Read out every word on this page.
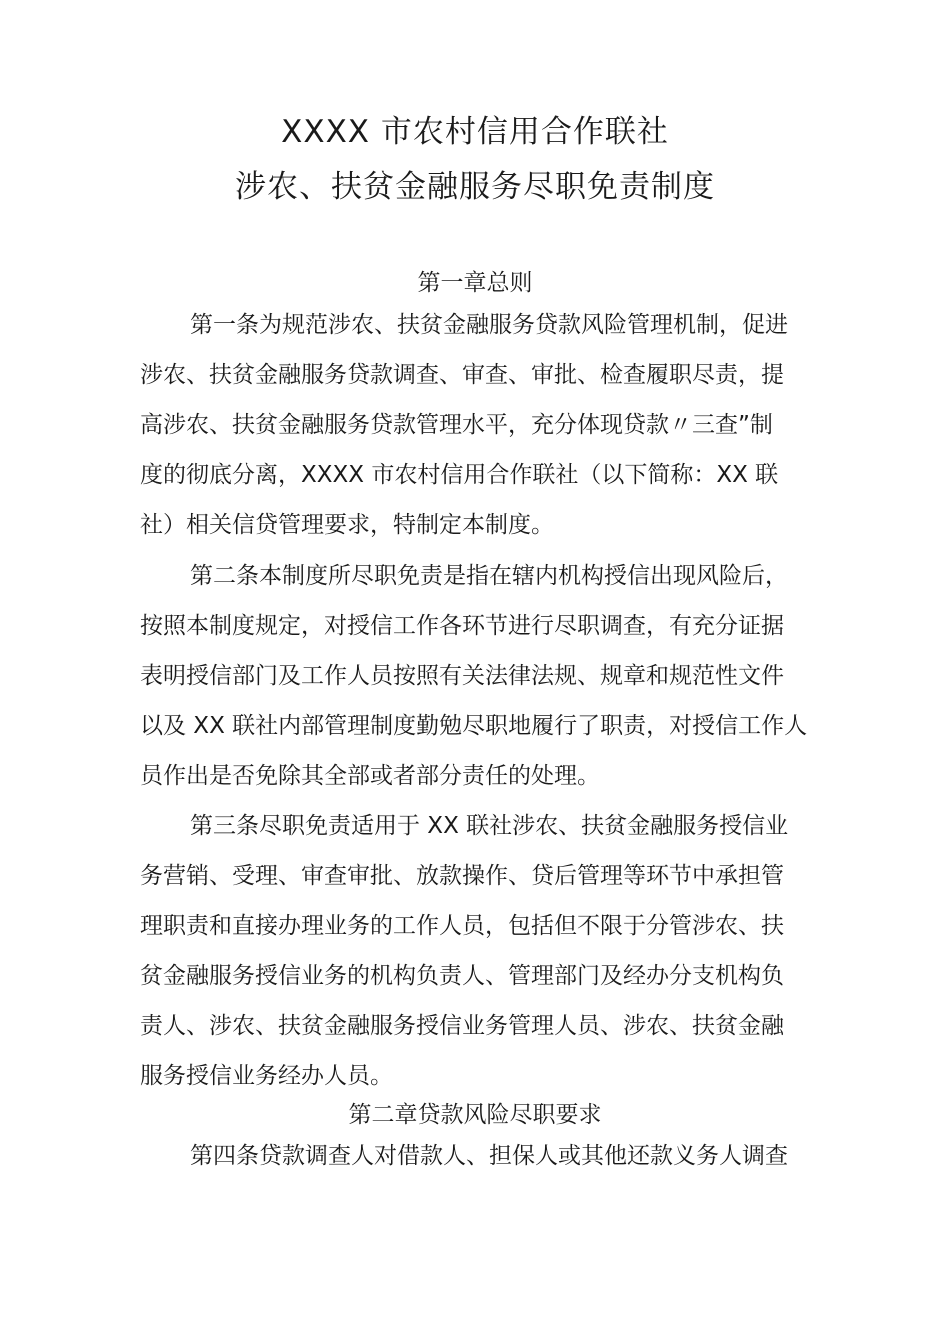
XXXX 市农村信用合作联社
涉农、扶贫金融服务尽职免责制度
第一章总则
第一条为规范涉农、扶贫金融服务贷款风险管理机制，促进
涉农、扶贫金融服务贷款调查、审查、审批、检查履职尽责，提
高涉农、扶贫金融服务贷款管理水平，充分体现贷款〃三查”制
度的彻底分离，XXXX 市农村信用合作联社（以下简称：XX 联
社）相关信贷管理要求，特制定本制度。
第二条本制度所尽职免责是指在辖内机构授信出现风险后，
按照本制度规定，对授信工作各环节进行尽职调查，有充分证据
表明授信部门及工作人员按照有关法律法规、规章和规范性文件
以及 XX 联社内部管理制度勤勉尽职地履行了职责，对授信工作人
员作出是否免除其全部或者部分责任的处理。
第三条尽职免责适用于 XX 联社涉农、扶贫金融服务授信业
务营销、受理、审查审批、放款操作、贷后管理等环节中承担管
理职责和直接办理业务的工作人员，包括但不限于分管涉农、扶
贫金融服务授信业务的机构负责人、管理部门及经办分支机构负
责人、涉农、扶贫金融服务授信业务管理人员、涉农、扶贫金融
服务授信业务经办人员。
第二章贷款风险尽职要求
第四条贷款调查人对借款人、担保人或其他还款义务人调查
